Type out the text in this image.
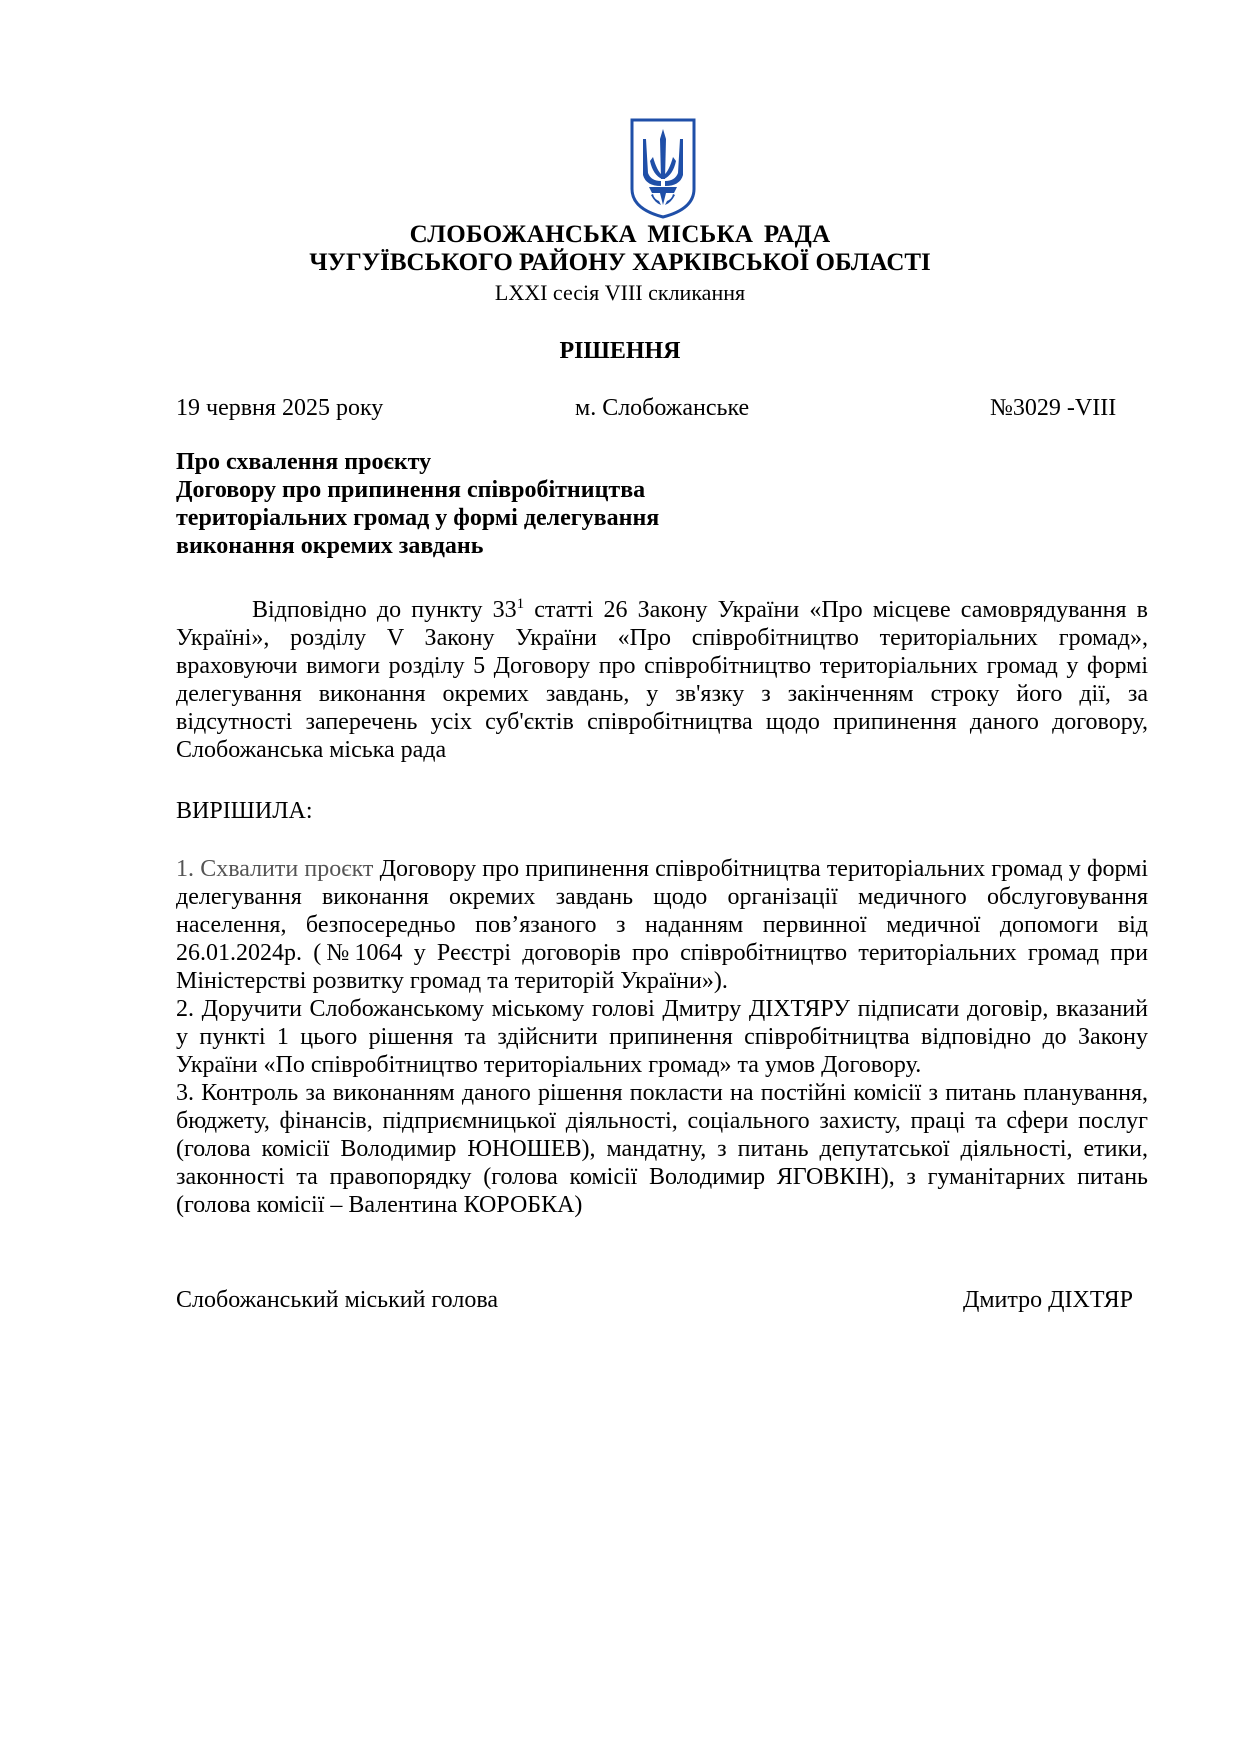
СЛОБОЖАНСЬКА МІСЬКА РАДА
ЧУГУЇВСЬКОГО РАЙОНУ ХАРКІВСЬКОЇ ОБЛАСТІ
LXXI сесія VIII скликання
РІШЕННЯ
19 червня 2025 року	м. Слобожанське	№3029 -VIII
Про схвалення проєкту
Договору про припинення співробітництва
територіальних громад у формі делегування
виконання окремих завдань
Відповідно до пункту $33^1$ статті 26 Закону України «Про місцеве самоврядування в Україні», розділу V Закону України «Про співробітництво територіальних громад», враховуючи вимоги розділу 5 Договору про співробітництво територіальних громад у формі делегування виконання окремих завдань, у зв'язку з закінченням строку його дії, за відсутності заперечень усіх суб'єктів співробітництва щодо припинення даного договору, Слобожанська міська рада
ВИРІШИЛА:

1. Схвалити проєкт Договору про припинення співробітництва територіальних громад у формі делегування виконання окремих завдань щодо організації медичного обслуговування населення, безпосередньо пов’язаного з наданням первинної медичної допомоги від 26.01.2024р. (№1064 у Реєстрі договорів про співробітництво територіальних громад при Міністерстві розвитку громад та територій України»).

2. Доручити Слобожанському міському голові Дмитру ДІХТЯРУ підписати договір, вказаний у пункті 1 цього рішення та здійснити припинення співробітництва відповідно до Закону України «По співробітництво територіальних громад» та умов Договору.

3. Контроль за виконанням даного рішення покласти на постійні комісії з питань планування, бюджету, фінансів, підприємницької діяльності, соціального захисту, праці та сфери послуг (голова комісії Володимир ЮНОШЕВ), мандатну, з питань депутатської діяльності, етики, законності та правопорядку (голова комісії Володимир ЯГОВКІН), з гуманітарних питань (голова комісії – Валентина КОРОБКА)

Слобожанський міський голова	Дмитро ДІХТЯР
